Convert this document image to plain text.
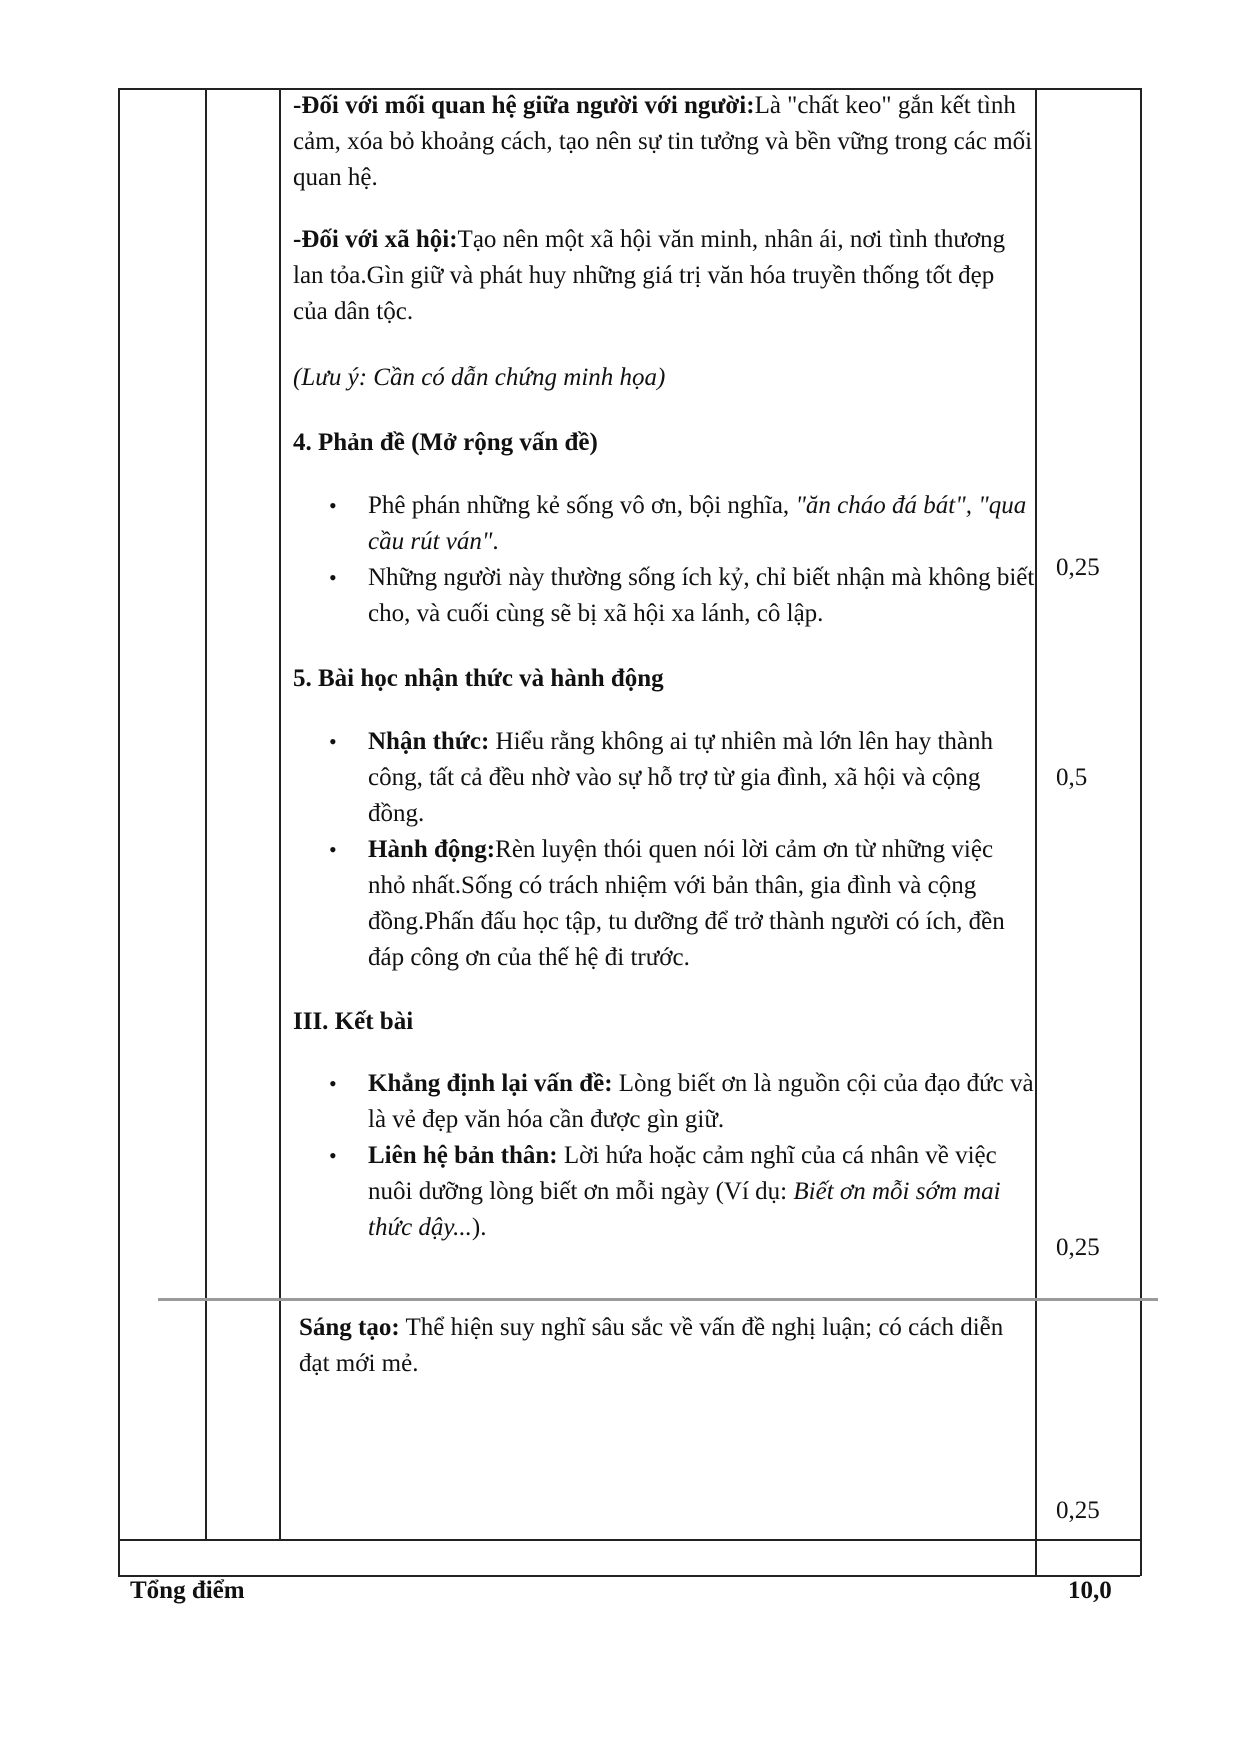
-Đối với mối quan hệ giữa người với người:Là "chất keo" gắn kết tình cảm, xóa bỏ khoảng cách, tạo nên sự tin tưởng và bền vững trong các mối quan hệ.

-Đối với xã hội:Tạo nên một xã hội văn minh, nhân ái, nơi tình thương lan tỏa.Gìn giữ và phát huy những giá trị văn hóa truyền thống tốt đẹp của dân tộc.

(Lưu ý: Cần có dẫn chứng minh họa)

4. Phản đề (Mở rộng vấn đề)

• Phê phán những kẻ sống vô ơn, bội nghĩa, "ăn cháo đá bát", "qua cầu rút ván".
• Những người này thường sống ích kỷ, chỉ biết nhận mà không biết cho, và cuối cùng sẽ bị xã hội xa lánh, cô lập.

5. Bài học nhận thức và hành động

• Nhận thức: Hiểu rằng không ai tự nhiên mà lớn lên hay thành công, tất cả đều nhờ vào sự hỗ trợ từ gia đình, xã hội và cộng đồng.
• Hành động:Rèn luyện thói quen nói lời cảm ơn từ những việc nhỏ nhất.Sống có trách nhiệm với bản thân, gia đình và cộng đồng.Phấn đấu học tập, tu dưỡng để trở thành người có ích, đền đáp công ơn của thế hệ đi trước.

III. Kết bài

• Khẳng định lại vấn đề: Lòng biết ơn là nguồn cội của đạo đức và là vẻ đẹp văn hóa cần được gìn giữ.
• Liên hệ bản thân: Lời hứa hoặc cảm nghĩ của cá nhân về việc nuôi dưỡng lòng biết ơn mỗi ngày (Ví dụ: Biết ơn mỗi sớm mai thức dậy...).

Sáng tạo: Thể hiện suy nghĩ sâu sắc về vấn đề nghị luận; có cách diễn đạt mới mẻ.

0,25
0,5
0,25
0,25
Tổng điểm	10,0
